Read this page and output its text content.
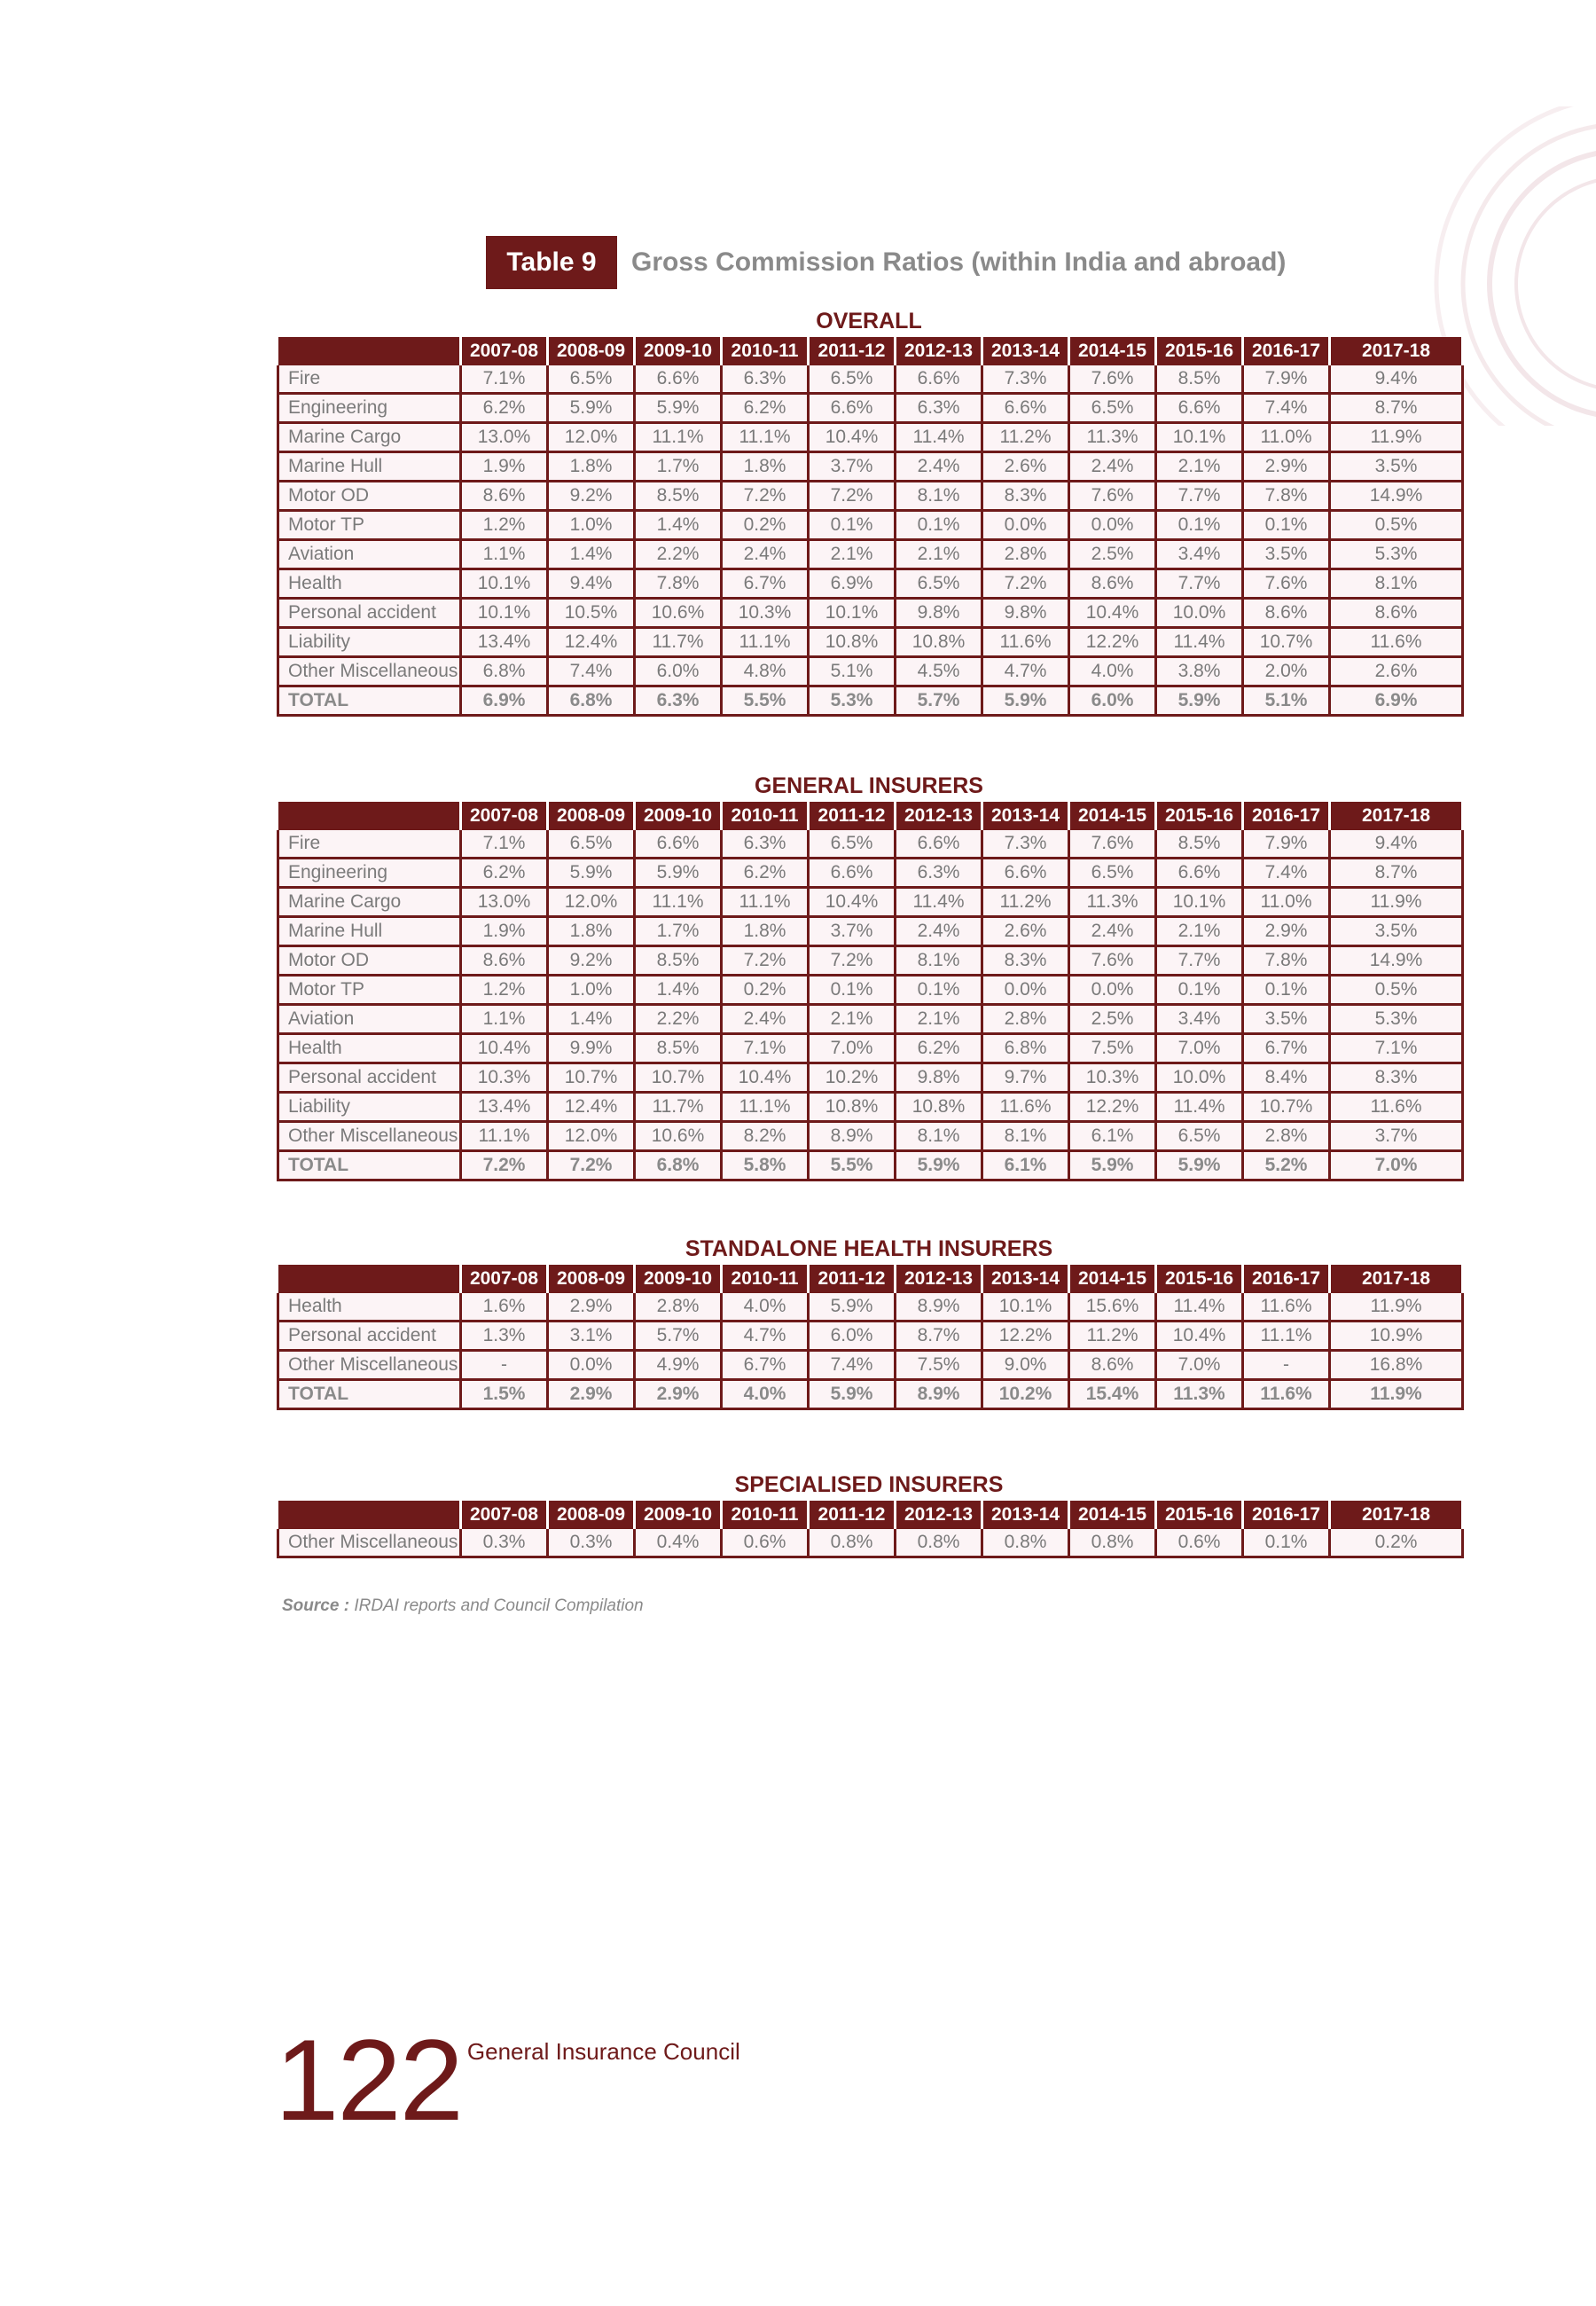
Table 9	Gross Commission Ratios (within India and abroad)
OVERALL
	2007-08	2008-09	2009-10	2010-11	2011-12	2012-13	2013-14	2014-15	2015-16	2016-17	2017-18
Fire	7.1%	6.5%	6.6%	6.3%	6.5%	6.6%	7.3%	7.6%	8.5%	7.9%	9.4%
Engineering	6.2%	5.9%	5.9%	6.2%	6.6%	6.3%	6.6%	6.5%	6.6%	7.4%	8.7%
Marine Cargo	13.0%	12.0%	11.1%	11.1%	10.4%	11.4%	11.2%	11.3%	10.1%	11.0%	11.9%
Marine Hull	1.9%	1.8%	1.7%	1.8%	3.7%	2.4%	2.6%	2.4%	2.1%	2.9%	3.5%
Motor OD	8.6%	9.2%	8.5%	7.2%	7.2%	8.1%	8.3%	7.6%	7.7%	7.8%	14.9%
Motor TP	1.2%	1.0%	1.4%	0.2%	0.1%	0.1%	0.0%	0.0%	0.1%	0.1%	0.5%
Aviation	1.1%	1.4%	2.2%	2.4%	2.1%	2.1%	2.8%	2.5%	3.4%	3.5%	5.3%
Health	10.1%	9.4%	7.8%	6.7%	6.9%	6.5%	7.2%	8.6%	7.7%	7.6%	8.1%
Personal accident	10.1%	10.5%	10.6%	10.3%	10.1%	9.8%	9.8%	10.4%	10.0%	8.6%	8.6%
Liability	13.4%	12.4%	11.7%	11.1%	10.8%	10.8%	11.6%	12.2%	11.4%	10.7%	11.6%
Other Miscellaneous	6.8%	7.4%	6.0%	4.8%	5.1%	4.5%	4.7%	4.0%	3.8%	2.0%	2.6%
TOTAL	6.9%	6.8%	6.3%	5.5%	5.3%	5.7%	5.9%	6.0%	5.9%	5.1%	6.9%
GENERAL INSURERS
	2007-08	2008-09	2009-10	2010-11	2011-12	2012-13	2013-14	2014-15	2015-16	2016-17	2017-18
Fire	7.1%	6.5%	6.6%	6.3%	6.5%	6.6%	7.3%	7.6%	8.5%	7.9%	9.4%
Engineering	6.2%	5.9%	5.9%	6.2%	6.6%	6.3%	6.6%	6.5%	6.6%	7.4%	8.7%
Marine Cargo	13.0%	12.0%	11.1%	11.1%	10.4%	11.4%	11.2%	11.3%	10.1%	11.0%	11.9%
Marine Hull	1.9%	1.8%	1.7%	1.8%	3.7%	2.4%	2.6%	2.4%	2.1%	2.9%	3.5%
Motor OD	8.6%	9.2%	8.5%	7.2%	7.2%	8.1%	8.3%	7.6%	7.7%	7.8%	14.9%
Motor TP	1.2%	1.0%	1.4%	0.2%	0.1%	0.1%	0.0%	0.0%	0.1%	0.1%	0.5%
Aviation	1.1%	1.4%	2.2%	2.4%	2.1%	2.1%	2.8%	2.5%	3.4%	3.5%	5.3%
Health	10.4%	9.9%	8.5%	7.1%	7.0%	6.2%	6.8%	7.5%	7.0%	6.7%	7.1%
Personal accident	10.3%	10.7%	10.7%	10.4%	10.2%	9.8%	9.7%	10.3%	10.0%	8.4%	8.3%
Liability	13.4%	12.4%	11.7%	11.1%	10.8%	10.8%	11.6%	12.2%	11.4%	10.7%	11.6%
Other Miscellaneous	11.1%	12.0%	10.6%	8.2%	8.9%	8.1%	8.1%	6.1%	6.5%	2.8%	3.7%
TOTAL	7.2%	7.2%	6.8%	5.8%	5.5%	5.9%	6.1%	5.9%	5.9%	5.2%	7.0%
STANDALONE HEALTH INSURERS
	2007-08	2008-09	2009-10	2010-11	2011-12	2012-13	2013-14	2014-15	2015-16	2016-17	2017-18
Health	1.6%	2.9%	2.8%	4.0%	5.9%	8.9%	10.1%	15.6%	11.4%	11.6%	11.9%
Personal accident	1.3%	3.1%	5.7%	4.7%	6.0%	8.7%	12.2%	11.2%	10.4%	11.1%	10.9%
Other Miscellaneous	-	0.0%	4.9%	6.7%	7.4%	7.5%	9.0%	8.6%	7.0%	-	16.8%
TOTAL	1.5%	2.9%	2.9%	4.0%	5.9%	8.9%	10.2%	15.4%	11.3%	11.6%	11.9%
SPECIALISED INSURERS
	2007-08	2008-09	2009-10	2010-11	2011-12	2012-13	2013-14	2014-15	2015-16	2016-17	2017-18
Other Miscellaneous	0.3%	0.3%	0.4%	0.6%	0.8%	0.8%	0.8%	0.8%	0.6%	0.1%	0.2%
Source : IRDAI reports and Council Compilation
122 General Insurance Council
